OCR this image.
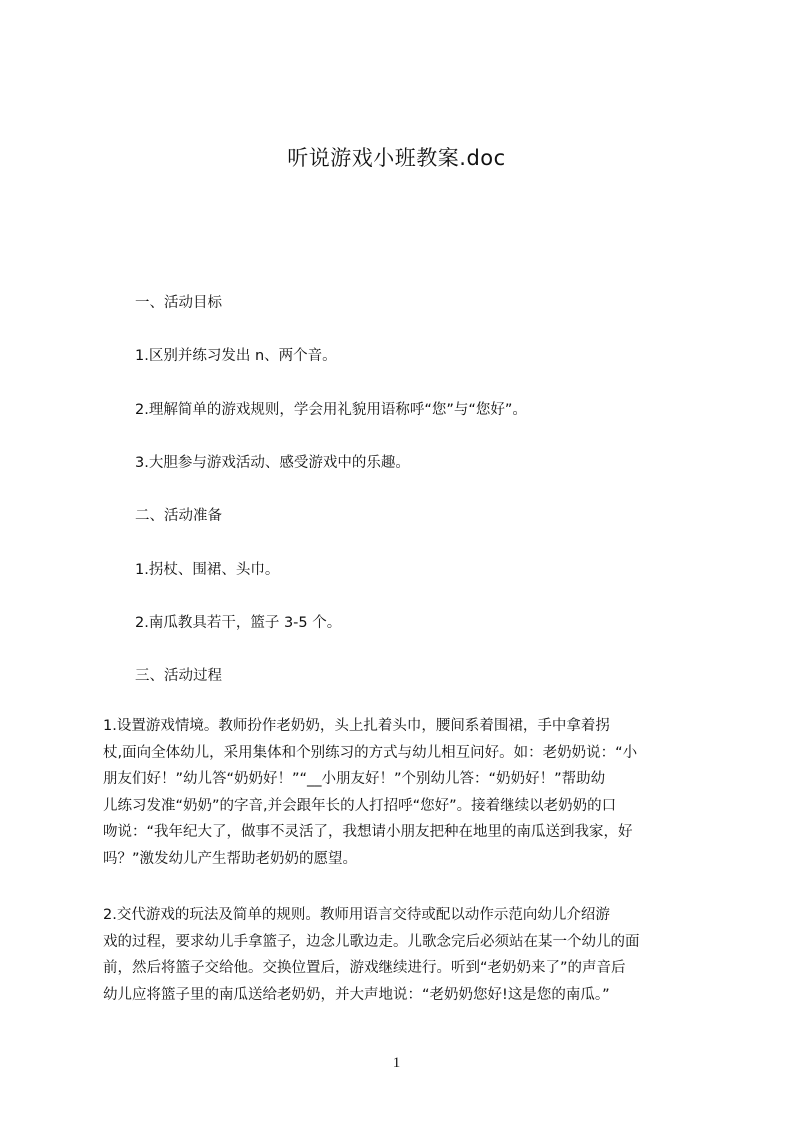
听说游戏小班教案.doc
一、活动目标
1.区别并练习发出 n、两个音。
2.理解简单的游戏规则，学会用礼貌用语称呼“您”与“您好”。
3.大胆参与游戏活动、感受游戏中的乐趣。
二、活动准备
1.拐杖、围裙、头巾。
2.南瓜教具若干，篮子 3-5 个。
三、活动过程
1.设置游戏情境。教师扮作老奶奶，头上扎着头巾，腰间系着围裙，手中拿着拐
杖,面向全体幼儿，采用集体和个别练习的方式与幼儿相互问好。如：老奶奶说：“小
朋友们好！”幼儿答“奶奶好！”“__小朋友好！”个别幼儿答：“奶奶好！”帮助幼
儿练习发准“奶奶”的字音,并会跟年长的人打招呼“您好”。接着继续以老奶奶的口
吻说：“我年纪大了，做事不灵活了，我想请小朋友把种在地里的南瓜送到我家，好
吗？”激发幼儿产生帮助老奶奶的愿望。
2.交代游戏的玩法及简单的规则。教师用语言交待或配以动作示范向幼儿介绍游
戏的过程，要求幼儿手拿篮子，边念儿歌边走。儿歌念完后必须站在某一个幼儿的面
前，然后将篮子交给他。交换位置后，游戏继续进行。听到“老奶奶来了”的声音后
幼儿应将篮子里的南瓜送给老奶奶，并大声地说：“老奶奶您好!这是您的南瓜。”
1
